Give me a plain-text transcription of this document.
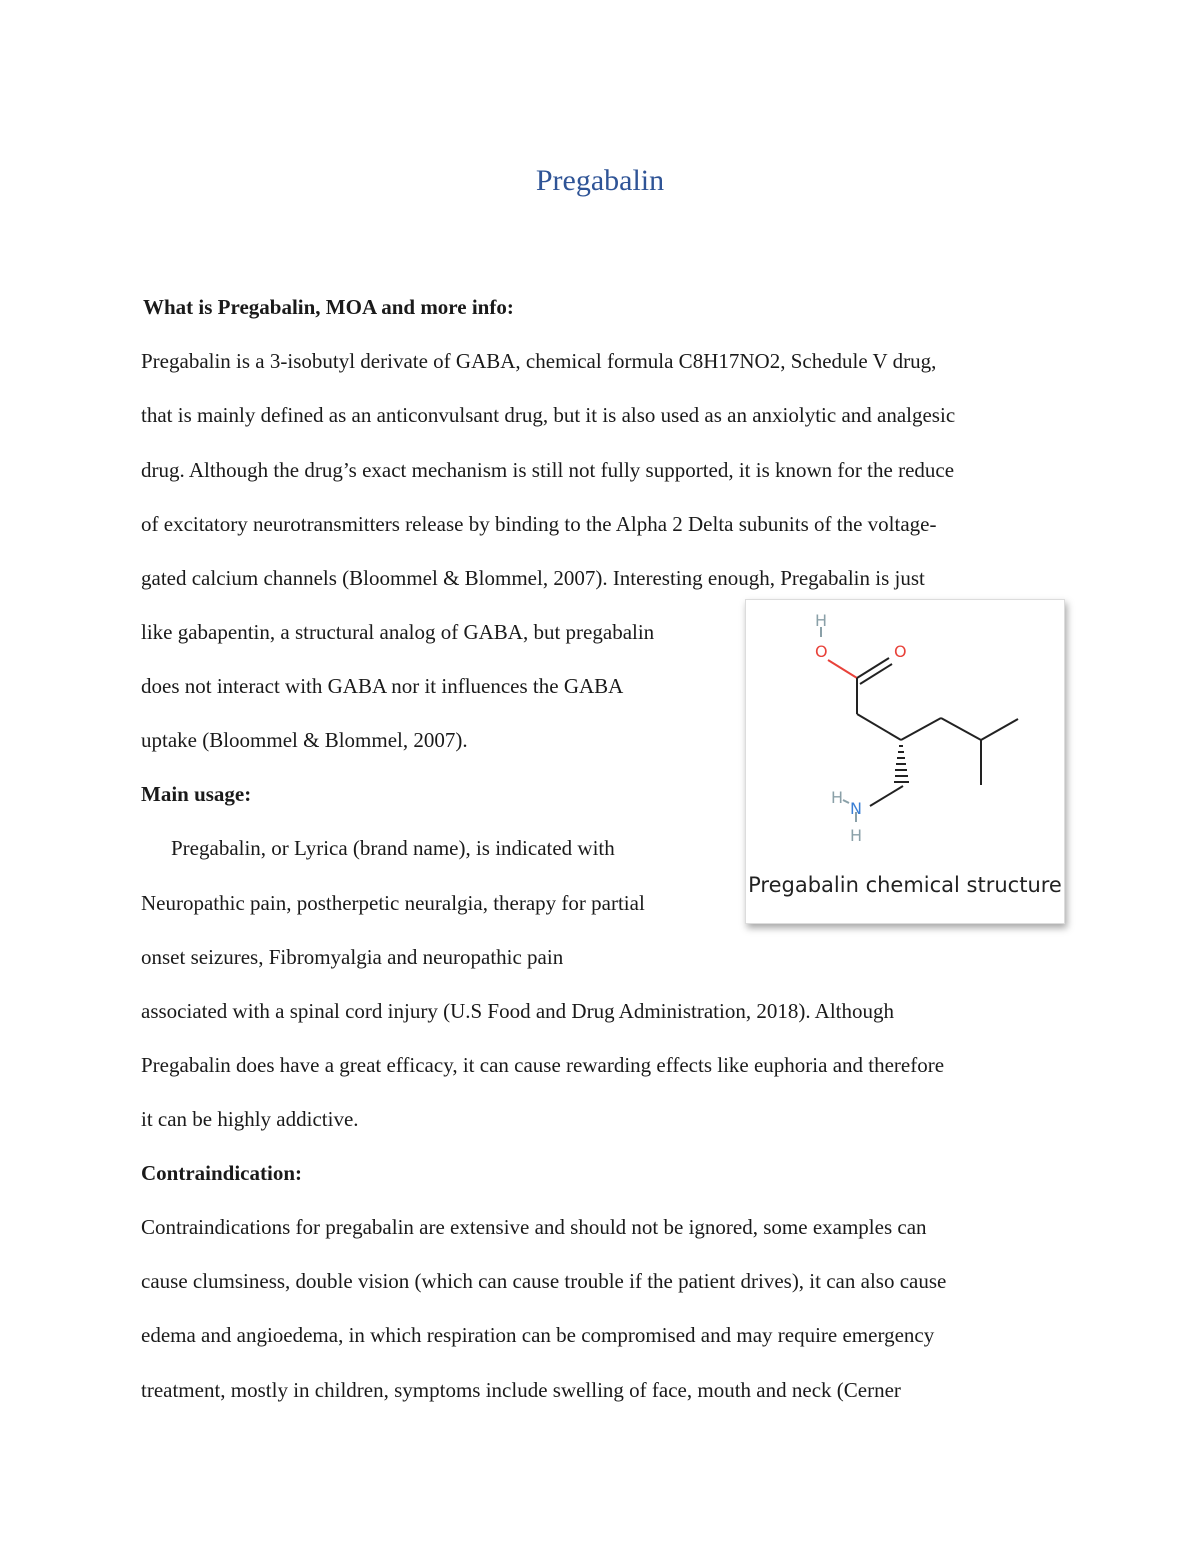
Pregabalin
What is Pregabalin, MOA and more info:
Pregabalin is a 3-isobutyl derivate of GABA, chemical formula C8H17NO2, Schedule V drug,
that is mainly defined as an anticonvulsant drug, but it is also used as an anxiolytic and analgesic
drug. Although the drug’s exact mechanism is still not fully supported, it is known for the reduce
of excitatory neurotransmitters release by binding to the Alpha 2 Delta subunits of the voltage-
gated calcium channels (Bloommel & Blommel, 2007). Interesting enough, Pregabalin is just
like gabapentin, a structural analog of GABA, but pregabalin
does not interact with GABA nor it influences the GABA
uptake (Bloommel & Blommel, 2007).
Main usage:
Pregabalin, or Lyrica (brand name), is indicated with
Neuropathic pain, postherpetic neuralgia, therapy for partial
onset seizures, Fibromyalgia and neuropathic pain
associated with a spinal cord injury (U.S Food and Drug Administration, 2018). Although
Pregabalin does have a great efficacy, it can cause rewarding effects like euphoria and therefore
it can be highly addictive.
Contraindication:
Contraindications for pregabalin are extensive and should not be ignored, some examples can
cause clumsiness, double vision (which can cause trouble if the patient drives), it can also cause
edema and angioedema, in which respiration can be compromised and may require emergency
treatment, mostly in children, symptoms include swelling of face, mouth and neck (Cerner
H
O	O
H
N
H
Pregabalin chemical structure
